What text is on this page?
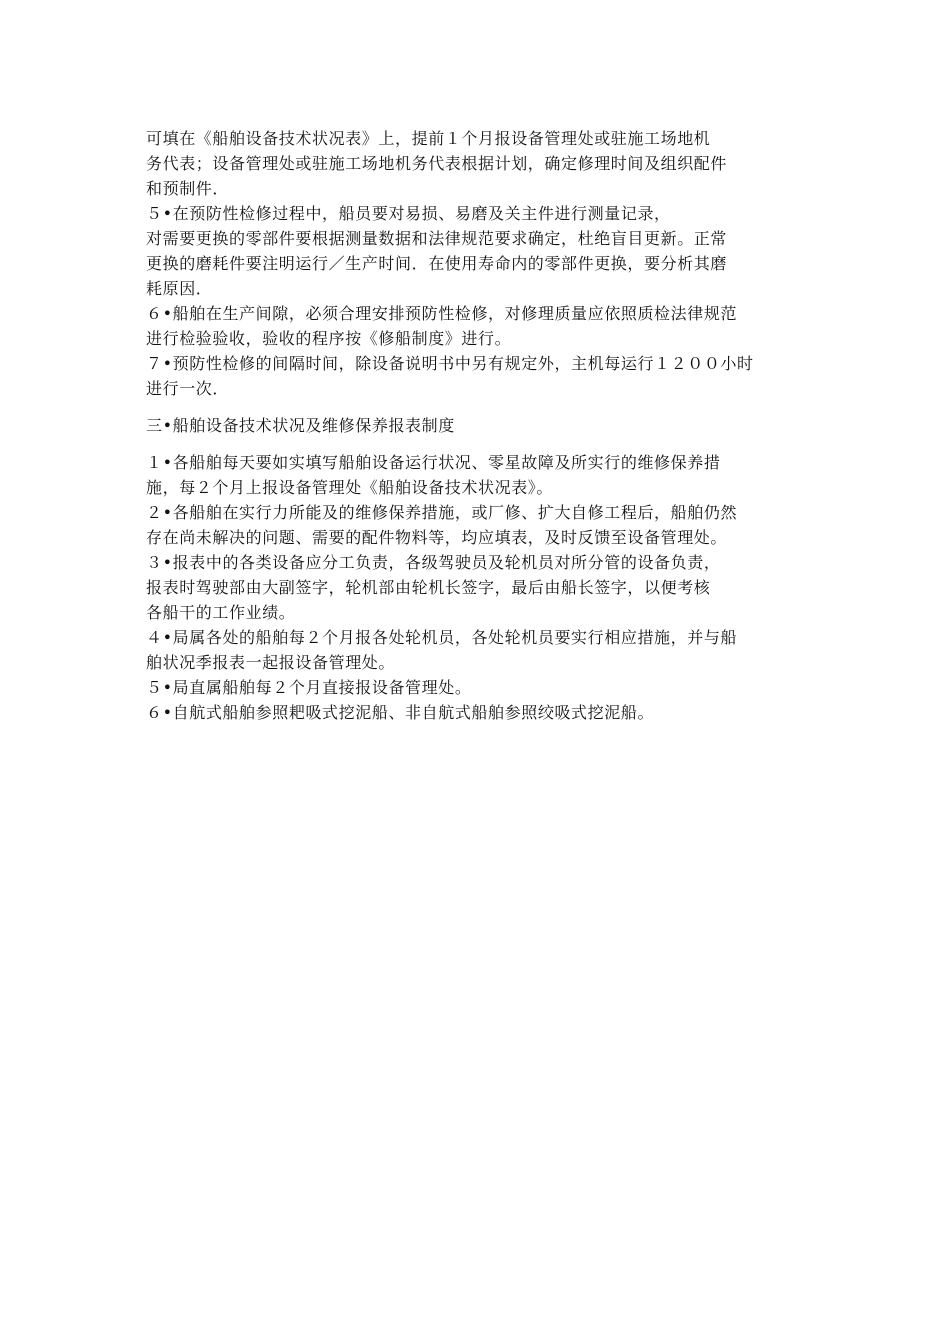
可填在《船舶设备技术状况表》上，提前１个月报设备管理处或驻施工场地机
务代表；设备管理处或驻施工场地机务代表根据计划，确定修理时间及组织配件
和预制件．
５•在预防性检修过程中，船员要对易损、易磨及关主件进行测量记录，
对需要更换的零部件要根据测量数据和法律规范要求确定，杜绝盲目更新。正常
更换的磨耗件要注明运行／生产时间．在使用寿命内的零部件更换，要分析其磨
耗原因．
６•船舶在生产间隙，必须合理安排预防性检修，对修理质量应依照质检法律规范
进行检验验收，验收的程序按《修船制度》进行。
７•预防性检修的间隔时间，除设备说明书中另有规定外，主机每运行１２００小时
进行一次．
三•船舶设备技术状况及维修保养报表制度
１•各船舶每天要如实填写船舶设备运行状况、零星故障及所实行的维修保养措
施，每２个月上报设备管理处《船舶设备技术状况表》。
２•各船舶在实行力所能及的维修保养措施，或厂修、扩大自修工程后，船舶仍然
存在尚未解决的问题、需要的配件物料等，均应填表，及时反馈至设备管理处。
３•报表中的各类设备应分工负责，各级驾驶员及轮机员对所分管的设备负责，
报表时驾驶部由大副签字，轮机部由轮机长签字，最后由船长签字，以便考核
各船干的工作业绩。
４•局属各处的船舶每２个月报各处轮机员，各处轮机员要实行相应措施，并与船
舶状况季报表一起报设备管理处。
５•局直属船舶每２个月直接报设备管理处。
６•自航式船舶参照耙吸式挖泥船、非自航式船舶参照绞吸式挖泥船。
